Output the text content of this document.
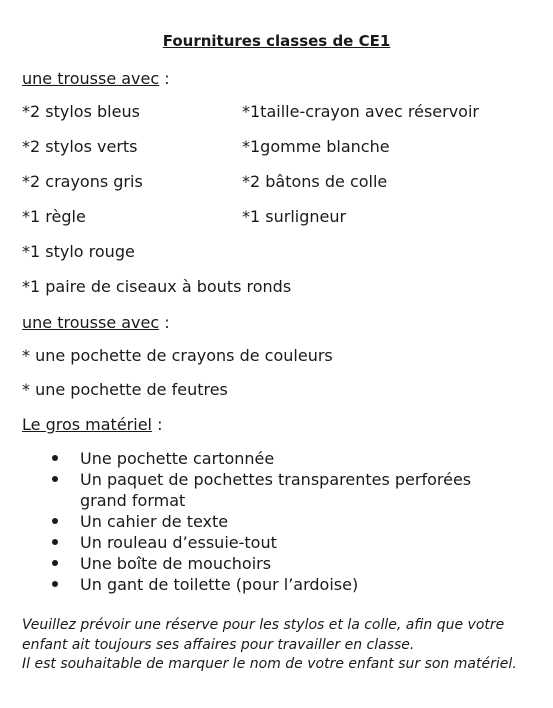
Fournitures classes de CE1
une trousse avec :
*2 stylos bleus
*2 stylos verts
*2 crayons gris
*1 règle
*1 stylo rouge
*1 paire de ciseaux à bouts ronds
*1taille-crayon avec réservoir
*1gomme blanche
*2 bâtons de colle
*1 surligneur
une trousse avec :
* une pochette de crayons de couleurs
* une pochette de feutres
Le gros matériel :
Une pochette cartonnée
Un paquet de pochettes transparentes perforées grand format
Un cahier de texte
Un rouleau d’essuie-tout
Une boîte de mouchoirs
Un gant de toilette (pour l’ardoise)

Veuillez prévoir une réserve pour les stylos et la colle, afin que votre enfant ait toujours ses affaires pour travailler en classe.

Il est souhaitable de marquer le nom de votre enfant sur son matériel.
